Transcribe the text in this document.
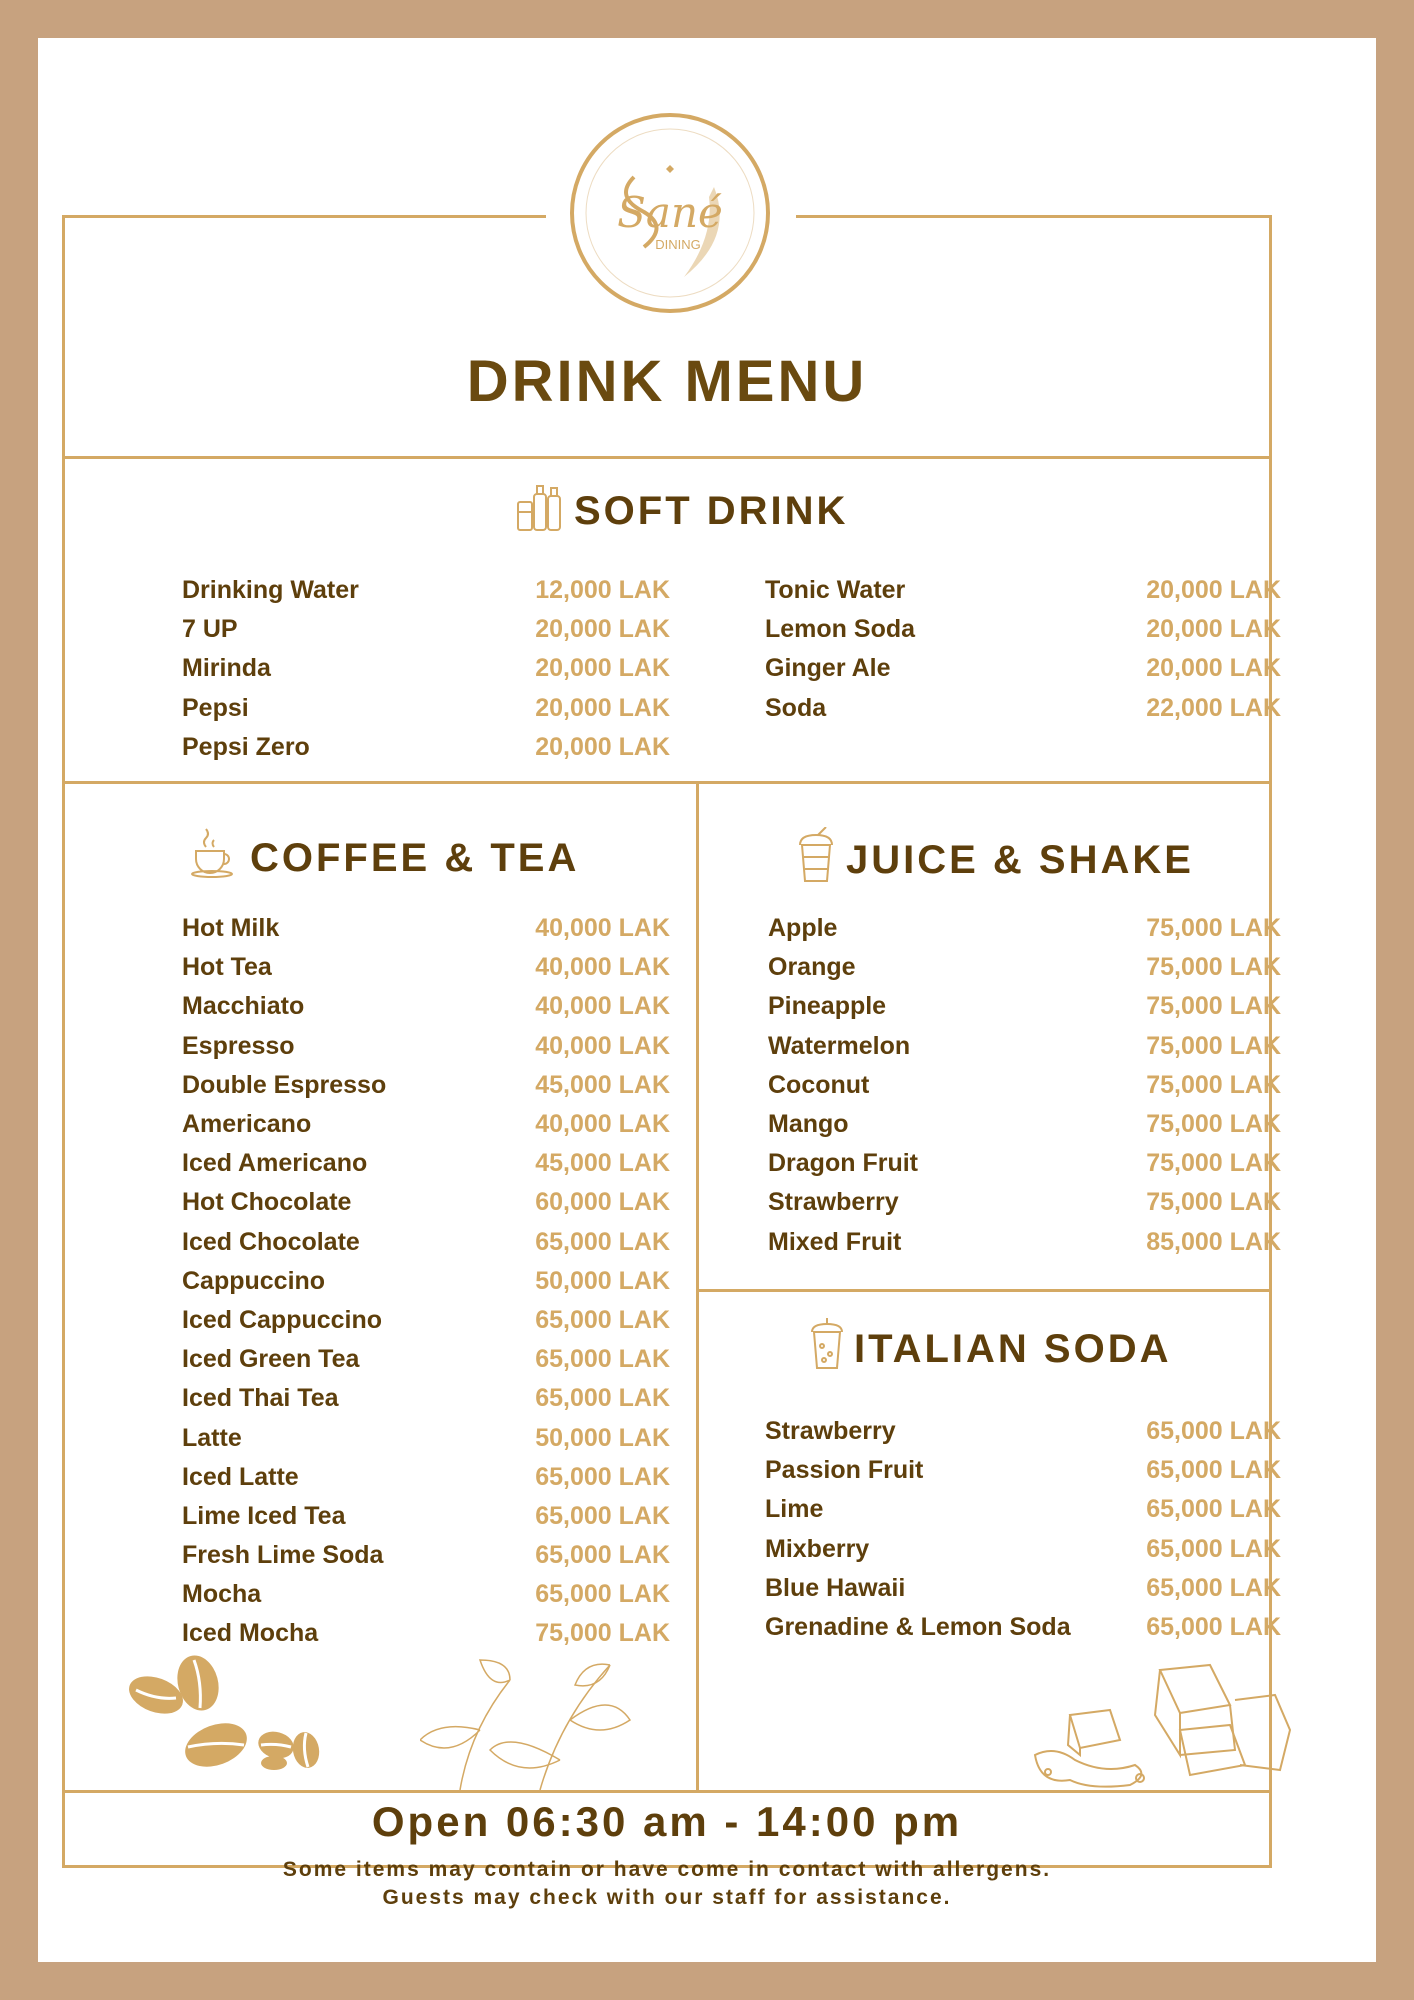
Sané
DINING
DRINK MENU
SOFT DRINK
Drinking Water	12,000 LAK
7 UP	20,000 LAK
Mirinda	20,000 LAK
Pepsi	20,000 LAK
Pepsi Zero	20,000 LAK
Tonic Water	20,000 LAK
Lemon Soda	20,000 LAK
Ginger Ale	20,000 LAK
Soda	22,000 LAK
COFFEE & TEA
Hot Milk	40,000 LAK
Hot Tea	40,000 LAK
Macchiato	40,000 LAK
Espresso	40,000 LAK
Double Espresso	45,000 LAK
Americano	40,000 LAK
Iced Americano	45,000 LAK
Hot Chocolate	60,000 LAK
Iced Chocolate	65,000 LAK
Cappuccino	50,000 LAK
Iced Cappuccino	65,000 LAK
Iced Green Tea	65,000 LAK
Iced Thai Tea	65,000 LAK
Latte	50,000 LAK
Iced Latte	65,000 LAK
Lime Iced Tea	65,000 LAK
Fresh Lime Soda	65,000 LAK
Mocha	65,000 LAK
Iced Mocha	75,000 LAK
JUICE & SHAKE
Apple	75,000 LAK
Orange	75,000 LAK
Pineapple	75,000 LAK
Watermelon	75,000 LAK
Coconut	75,000 LAK
Mango	75,000 LAK
Dragon Fruit	75,000 LAK
Strawberry	75,000 LAK
Mixed Fruit	85,000 LAK
ITALIAN SODA
Strawberry	65,000 LAK
Passion Fruit	65,000 LAK
Lime	65,000 LAK
Mixberry	65,000 LAK
Blue Hawaii	65,000 LAK
Grenadine & Lemon Soda	65,000 LAK
Open 06:30 am - 14:00 pm
Some items may contain or have come in contact with allergens.
Guests may check with our staff for assistance.
